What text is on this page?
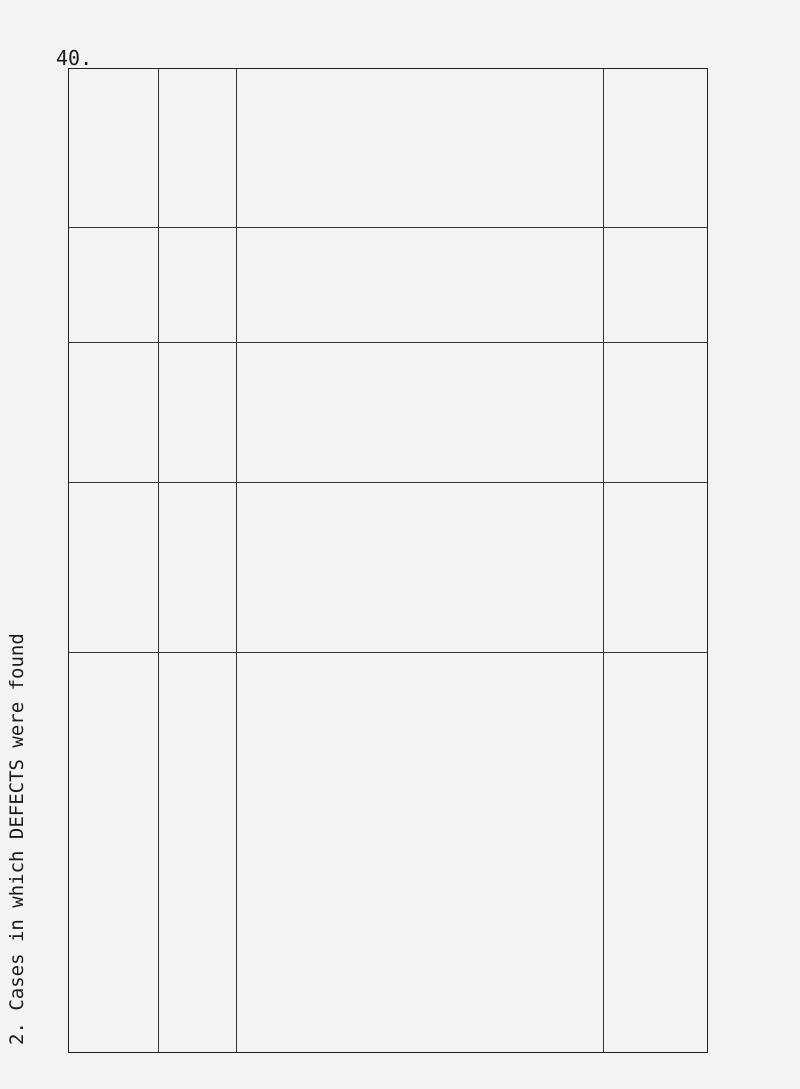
40.
2. Cases in which DEFECTS were found
